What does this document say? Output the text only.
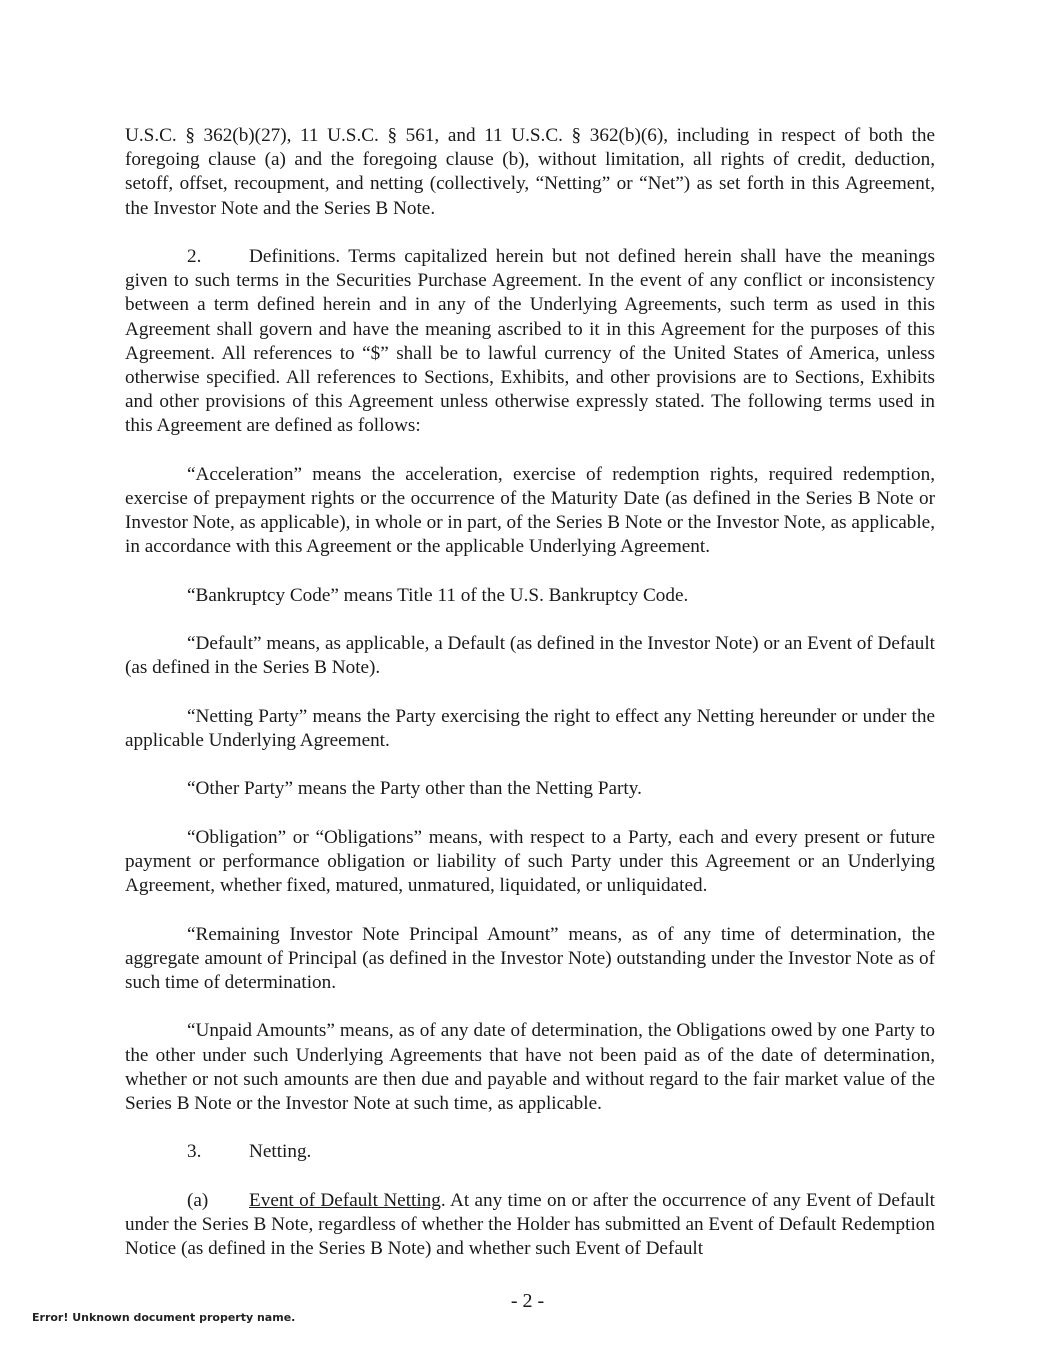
U.S.C. § 362(b)(27), 11 U.S.C. § 561, and 11 U.S.C. § 362(b)(6), including in respect of both the foregoing clause (a) and the foregoing clause (b), without limitation, all rights of credit, deduction, setoff, offset, recoupment, and netting (collectively, “Netting” or “Net”) as set forth in this Agreement, the Investor Note and the Series B Note.

2. Definitions. Terms capitalized herein but not defined herein shall have the meanings given to such terms in the Securities Purchase Agreement. In the event of any conflict or inconsistency between a term defined herein and in any of the Underlying Agreements, such term as used in this Agreement shall govern and have the meaning ascribed to it in this Agreement for the purposes of this Agreement. All references to “$” shall be to lawful currency of the United States of America, unless otherwise specified. All references to Sections, Exhibits, and other provisions are to Sections, Exhibits and other provisions of this Agreement unless otherwise expressly stated. The following terms used in this Agreement are defined as follows:

“Acceleration” means the acceleration, exercise of redemption rights, required redemption, exercise of prepayment rights or the occurrence of the Maturity Date (as defined in the Series B Note or Investor Note, as applicable), in whole or in part, of the Series B Note or the Investor Note, as applicable, in accordance with this Agreement or the applicable Underlying Agreement.

“Bankruptcy Code” means Title 11 of the U.S. Bankruptcy Code.

“Default” means, as applicable, a Default (as defined in the Investor Note) or an Event of Default (as defined in the Series B Note).

“Netting Party” means the Party exercising the right to effect any Netting hereunder or under the applicable Underlying Agreement.

“Other Party” means the Party other than the Netting Party.

“Obligation” or “Obligations” means, with respect to a Party, each and every present or future payment or performance obligation or liability of such Party under this Agreement or an Underlying Agreement, whether fixed, matured, unmatured, liquidated, or unliquidated.

“Remaining Investor Note Principal Amount” means, as of any time of determination, the aggregate amount of Principal (as defined in the Investor Note) outstanding under the Investor Note as of such time of determination.

“Unpaid Amounts” means, as of any date of determination, the Obligations owed by one Party to the other under such Underlying Agreements that have not been paid as of the date of determination, whether or not such amounts are then due and payable and without regard to the fair market value of the Series B Note or the Investor Note at such time, as applicable.

3. Netting.

(a) Event of Default Netting. At any time on or after the occurrence of any Event of Default under the Series B Note, regardless of whether the Holder has submitted an Event of Default Redemption Notice (as defined in the Series B Note) and whether such Event of Default

- 2 -
Error! Unknown document property name.
